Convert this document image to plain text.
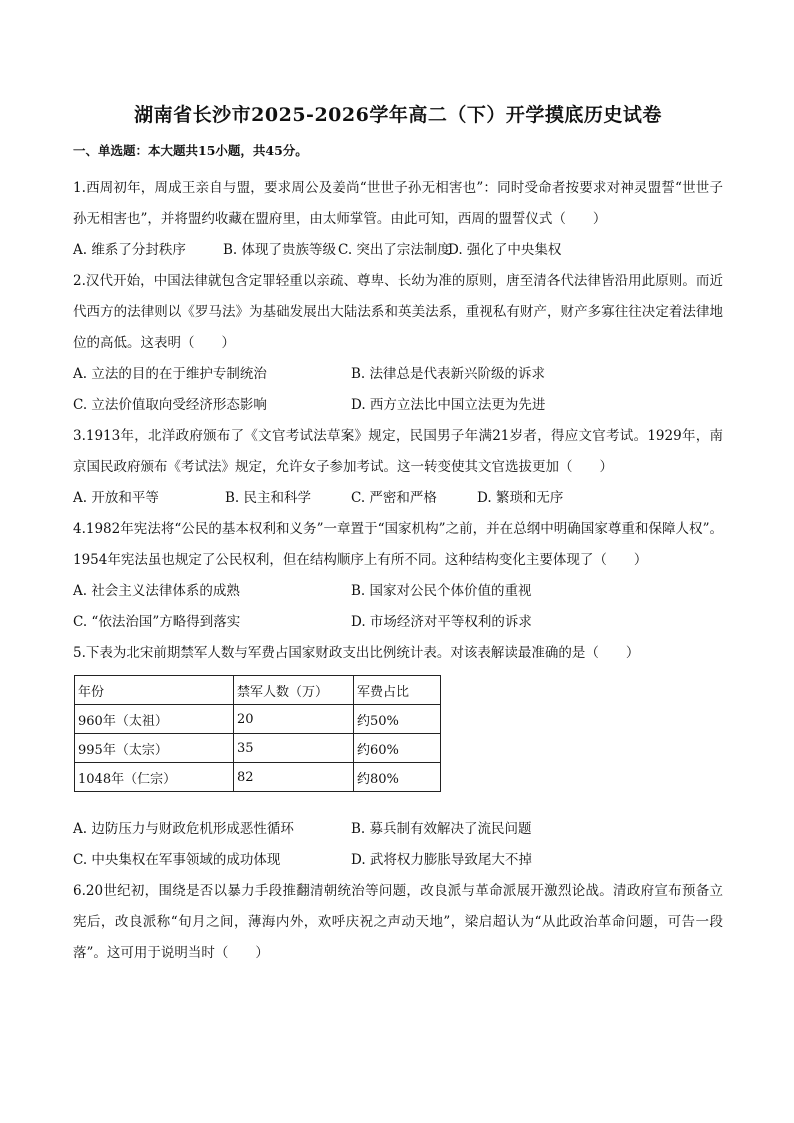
湖南省长沙市2025-2026学年高二（下）开学摸底历史试卷
一、单选题：本大题共15小题，共45分。

1.西周初年，周成王亲自与盟，要求周公及姜尚“世世子孙无相害也”：同时受命者按要求对神灵盟誓“世世子孙无相害也”，并将盟约收藏在盟府里，由太师掌管。由此可知，西周的盟誓仪式（　　）

A. 维系了分封秩序	B. 体现了贵族等级 C. 突出了宗法制度
D. 强化了中央集权

2.汉代开始，中国法律就包含定罪轻重以亲疏、尊卑、长幼为准的原则，唐至清各代法律皆沿用此原则。而近代西方的法律则以《罗马法》为基础发展出大陆法系和英美法系，重视私有财产，财产多寡往往决定着法律地位的高低。这表明（　　）

A. 立法的目的在于维护专制统治	B. 法律总是代表新兴阶级的诉求
C. 立法价值取向受经济形态影响	D. 西方立法比中国立法更为先进

3.1913年，北洋政府颁布了《文官考试法草案》规定，民国男子年满21岁者，得应文官考试。1929年，南京国民政府颁布《考试法》规定，允许女子参加考试。这一转变使其文官选拔更加（　　）

A. 开放和平等	B. 民主和科学	C. 严密和严格	D. 繁琐和无序

4.1982年宪法将“公民的基本权利和义务”一章置于“国家机构”之前，并在总纲中明确国家尊重和保障人权”。1954年宪法虽也规定了公民权利，但在结构顺序上有所不同。这种结构变化主要体现了（　　）

A. 社会主义法律体系的成熟	B. 国家对公民个体价值的重视
C. “依法治国”方略得到落实	D. 市场经济对平等权利的诉求

5.下表为北宋前期禁军人数与军费占国家财政支出比例统计表。对该表解读最准确的是（　　）

年份	禁军人数（万）	军费占比
960年（太祖）	20	约50%
995年（太宗）	35	约60%
1048年（仁宗）	82	约80%
A. 边防压力与财政危机形成恶性循环	B. 募兵制有效解决了流民问题
C. 中央集权在军事领域的成功体现	D. 武将权力膨胀导致尾大不掉

6.20世纪初，围绕是否以暴力手段推翻清朝统治等问题，改良派与革命派展开激烈论战。清政府宣布预备立宪后，改良派称“旬月之间，薄海内外，欢呼庆祝之声动天地”，梁启超认为“从此政治革命问题，可告一段落”。这可用于说明当时（　　）
